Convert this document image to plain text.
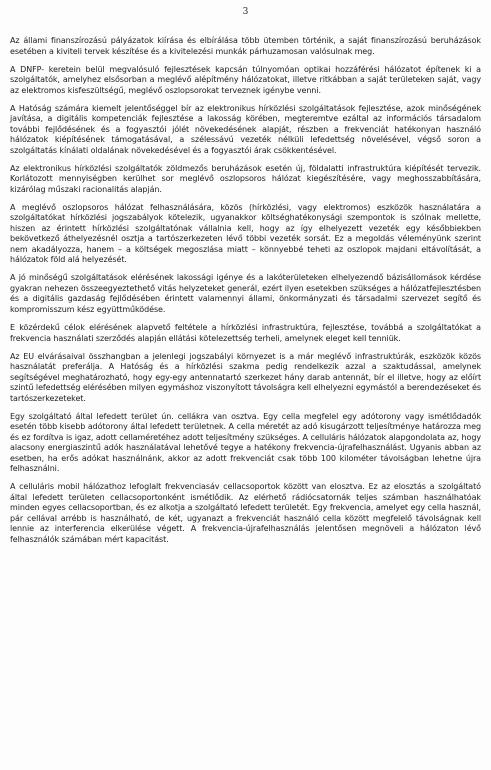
3

Az állami finanszírozású pályázatok kiírása és elbírálása több ütemben történik, a saját finanszírozású beruházások esetében a kiviteli tervek készítése és a kivitelezési munkák párhuzamosan valósulnak meg.

A DNFP- keretein belül megvalósuló fejlesztések kapcsán túlnyomóan optikai hozzáférési hálózatot építenek ki a szolgáltatók, amelyhez elsősorban a meglévő alépítmény hálózatokat, illetve ritkábban a saját területeken saját, vagy az elektromos kisfeszültségű, meglévő oszlopsorokat terveznek igénybe venni.

A Hatóság számára kiemelt jelentőséggel bír az elektronikus hírközlési szolgáltatások fejlesztése, azok minőségének javítása, a digitális kompetenciák fejlesztése a lakosság körében, megteremtve ezáltal az információs társadalom további fejlődésének és a fogyasztói jólét növekedésének alapját, részben a frekvenciát hatékonyan használó hálózatok kiépítésének támogatásával, a szélessávú vezeték nélküli lefedettség növelésével, végső soron a szolgáltatás kínálati oldalának növekedésével és a fogyasztói árak csökkentésével.

Az elektronikus hírközlési szolgáltatók zöldmezős beruházások esetén új, földalatti infrastruktúra kiépítését tervezik. Korlátozott mennyiségben kerülhet sor meglévő oszlopsoros hálózat kiegészítésére, vagy meghosszabbítására, kizárólag műszaki racionalitás alapján.

A meglévő oszlopsoros hálózat felhasználására, közös (hírközlési, vagy elektromos) eszközök használatára a szolgáltatókat hírközlési jogszabályok kötelezik, ugyanakkor költséghatékonysági szempontok is szólnak mellette, hiszen az érintett hírközlési szolgáltatónak vállalnia kell, hogy az így elhelyezett vezeték egy későbbiekben bekövetkező áthelyezésnél osztja a tartószerkezeten lévő többi vezeték sorsát. Ez a megoldás véleményünk szerint nem akadályozza, hanem – a költségek megoszlása miatt – könnyebbé teheti az oszlopok majdani eltávolítását, a hálózatok föld alá helyezését.

A jó minőségű szolgáltatások elérésének lakossági igénye és a lakóterületeken elhelyezendő bázisállomások kérdése gyakran nehezen összeegyeztethető vitás helyzeteket generál, ezért ilyen esetekben szükséges a hálózatfejlesztésben és a digitális gazdaság fejlődésében érintett valamennyi állami, önkormányzati és társadalmi szervezet segítő és kompromisszum kész együttműködése.

E közérdekű célok elérésének alapvető feltétele a hírközlési infrastruktúra, fejlesztése, továbbá a szolgáltatókat a frekvencia használati szerződés alapján ellátási kötelezettség terheli, amelynek eleget kell tenniük.

Az EU elvárásaival összhangban a jelenlegi jogszabályi környezet is a már meglévő infrastruktúrák, eszközök közös használatát preferálja. A Hatóság és a hírközlési szakma pedig rendelkezik azzal a szaktudással, amelynek segítségével meghatározható, hogy egy-egy antennatartó szerkezet hány darab antennát, bír el illetve, hogy az előírt szintű lefedettség elérésében milyen egymáshoz viszonyított távolságra kell elhelyezni egymástól a berendezéseket és tartószerkezeteket.

Egy szolgáltató által lefedett terület ún. cellákra van osztva. Egy cella megfelel egy adótorony vagy ismétlődadók esetén több kisebb adótorony által lefedett területnek. A cella méretét az adó kisugárzott teljesítménye határozza meg és ez fordítva is igaz, adott cellaméretéhez adott teljesítmény szükséges. A celluláris hálózatok alapgondolata az, hogy alacsony energiaszintű adók használatával lehetővé tegye a hatékony frekvencia-újrafelhasználást. Ugyanis abban az esetben, ha erős adókat használnánk, akkor az adott frekvenciát csak több 100 kilométer távolságban lehetne újra felhasználni.

A celluláris mobil hálózathoz lefoglalt frekvenciasáv cellacsoportok között van elosztva. Ez az elosztás a szolgáltató által lefedett területen cellacsoportonként ismétlődik. Az elérhető rádiócsatornák teljes számban használhatóak minden egyes cellacsoportban, és ez alkotja a szolgáltató lefedett területét. Egy frekvencia, amelyet egy cella használ, pár cellával arrébb is használható, de két, ugyanazt a frekvenciát használó cella között megfelelő távolságnak kell lennie az interferencia elkerülése végett. A frekvencia-újrafelhasználás jelentősen megnöveli a hálózaton lévő felhasználók számában mért kapacitást.
